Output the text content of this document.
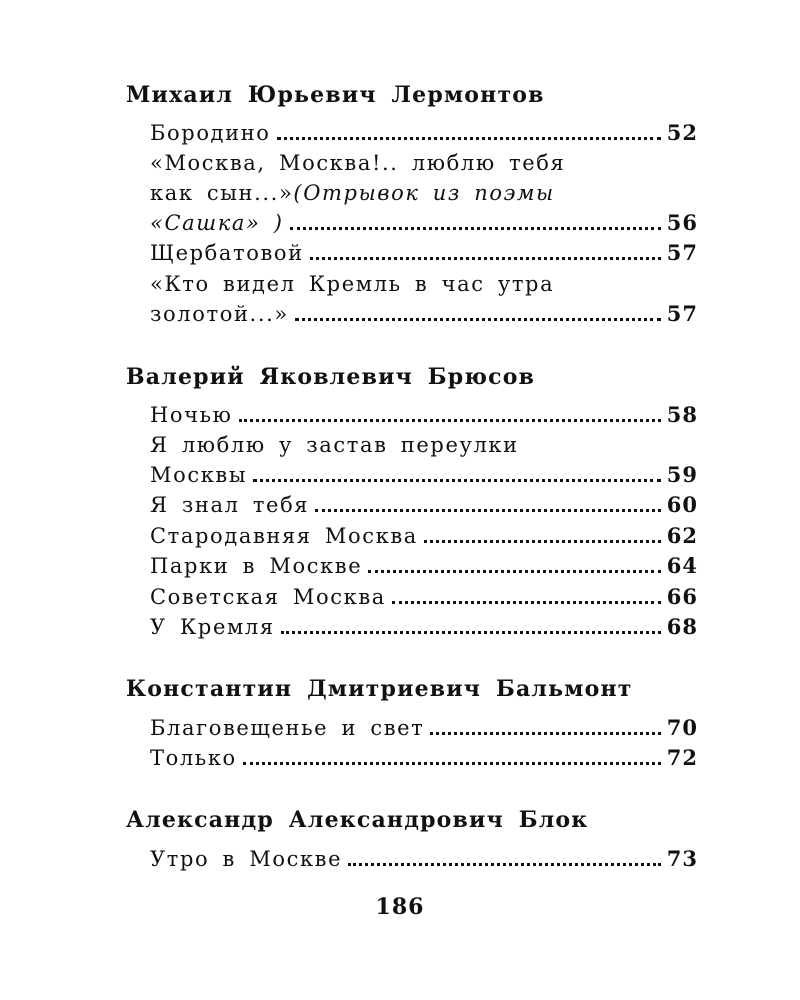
Михаил Юрьевич Лермонтов
Бородино	52
«Москва, Москва!.. люблю тебя
как сын...» (Отрывок из поэмы
«Сашка» )	56
Щербатовой	57
«Кто видел Кремль в час утра
золотой...»	57
Валерий Яковлевич Брюсов
Ночью	58
Я люблю у застав переулки
Москвы	59
Я знал тебя	60
Стародавняя Москва	62
Парки в Москве	64
Советская Москва	66
У Кремля	68
Константин Дмитриевич Бальмонт
Благовещенье и свет	70
Только	72
Александр Александрович Блок
Утро в Москве	73
186
